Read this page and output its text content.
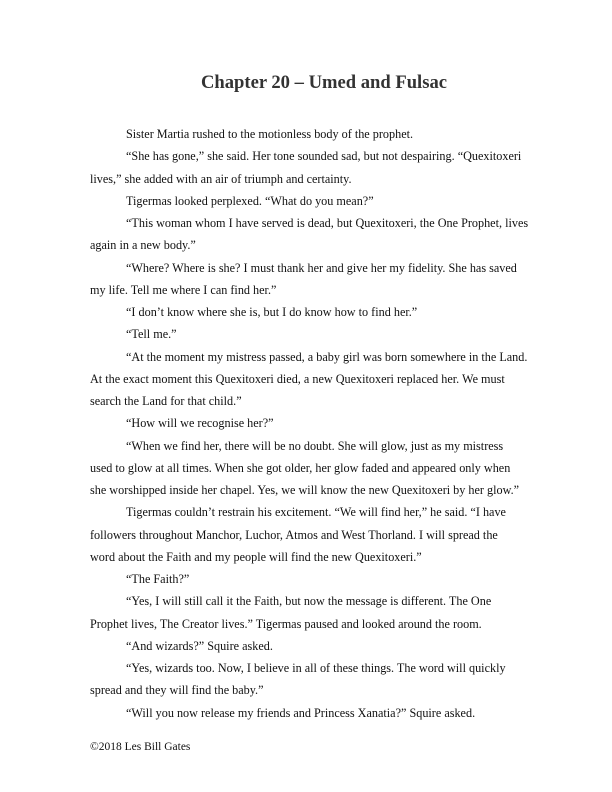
Chapter 20 – Umed and Fulsac

Sister Martia rushed to the motionless body of the prophet.

“She has gone,” she said. Her tone sounded sad, but not despairing. “Quexitoxeri
lives,” she added with an air of triumph and certainty.

Tigermas looked perplexed. “What do you mean?”

“This woman whom I have served is dead, but Quexitoxeri, the One Prophet, lives
again in a new body.”

“Where? Where is she? I must thank her and give her my fidelity. She has saved
my life. Tell me where I can find her.”

“I don’t know where she is, but I do know how to find her.”

“Tell me.”

“At the moment my mistress passed, a baby girl was born somewhere in the Land.
At the exact moment this Quexitoxeri died, a new Quexitoxeri replaced her. We must
search the Land for that child.”

“How will we recognise her?”

“When we find her, there will be no doubt. She will glow, just as my mistress
used to glow at all times. When she got older, her glow faded and appeared only when
she worshipped inside her chapel. Yes, we will know the new Quexitoxeri by her glow.”

Tigermas couldn’t restrain his excitement. “We will find her,” he said. “I have
followers throughout Manchor, Luchor, Atmos and West Thorland. I will spread the
word about the Faith and my people will find the new Quexitoxeri.”

“The Faith?”

“Yes, I will still call it the Faith, but now the message is different. The One
Prophet lives, The Creator lives.” Tigermas paused and looked around the room.

“And wizards?” Squire asked.

“Yes, wizards too. Now, I believe in all of these things. The word will quickly
spread and they will find the baby.”

“Will you now release my friends and Princess Xanatia?” Squire asked.

©2018 Les Bill Gates
